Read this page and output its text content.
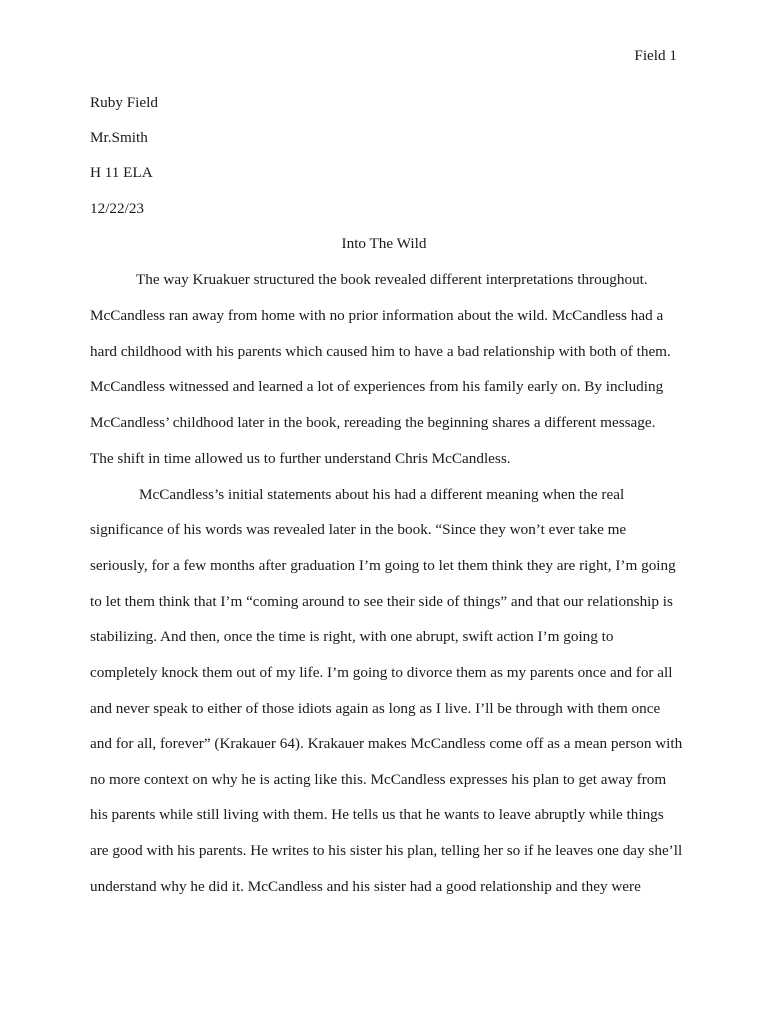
Field 1
Ruby Field
Mr.Smith
H 11 ELA
12/22/23
Into The Wild
The way Kruakuer structured the book revealed different interpretations throughout.
McCandless ran away from home with no prior information about the wild. McCandless had a
hard childhood with his parents which caused him to have a bad relationship with both of them.
McCandless witnessed and learned a lot of experiences from his family early on. By including
McCandless’ childhood later in the book, rereading the beginning shares a different message.
The shift in time allowed us to further understand Chris McCandless.
McCandless’s initial statements about his had a different meaning when the real
significance of his words was revealed later in the book. “Since they won’t ever take me
seriously, for a few months after graduation I’m going to let them think they are right, I’m going
to let them think that I’m “coming around to see their side of things” and that our relationship is
stabilizing. And then, once the time is right, with one abrupt, swift action I’m going to
completely knock them out of my life. I’m going to divorce them as my parents once and for all
and never speak to either of those idiots again as long as I live. I’ll be through with them once
and for all, forever” (Krakauer 64). Krakauer makes McCandless come off as a mean person with
no more context on why he is acting like this. McCandless expresses his plan to get away from
his parents while still living with them. He tells us that he wants to leave abruptly while things
are good with his parents. He writes to his sister his plan, telling her so if he leaves one day she’ll
understand why he did it. McCandless and his sister had a good relationship and they were
